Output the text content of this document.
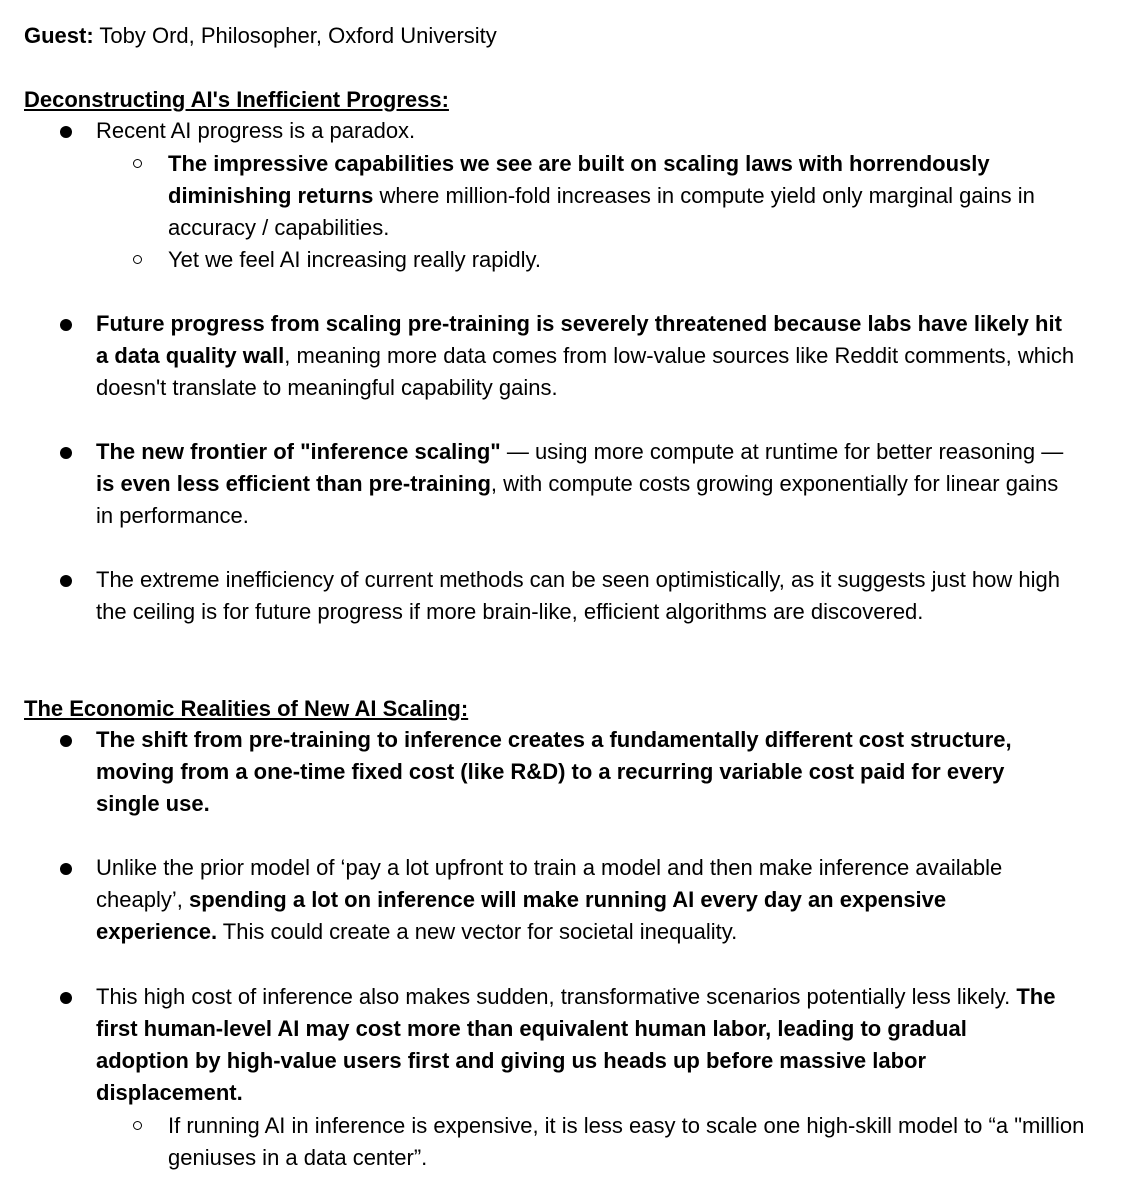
Guest: Toby Ord, Philosopher, Oxford University
Deconstructing AI's Inefficient Progress:
Recent AI progress is a paradox.
The impressive capabilities we see are built on scaling laws with horrendously
diminishing returns where million-fold increases in compute yield only marginal gains in
accuracy / capabilities.
Yet we feel AI increasing really rapidly.
Future progress from scaling pre-training is severely threatened because labs have likely hit
a data quality wall, meaning more data comes from low-value sources like Reddit comments, which
doesn't translate to meaningful capability gains.
The new frontier of "inference scaling" — using more compute at runtime for better reasoning —
is even less efficient than pre-training, with compute costs growing exponentially for linear gains
in performance.
The extreme inefficiency of current methods can be seen optimistically, as it suggests just how high
the ceiling is for future progress if more brain-like, efficient algorithms are discovered.
The Economic Realities of New AI Scaling:
The shift from pre-training to inference creates a fundamentally different cost structure,
moving from a one-time fixed cost (like R&D) to a recurring variable cost paid for every
single use.
Unlike the prior model of ‘pay a lot upfront to train a model and then make inference available
cheaply’, spending a lot on inference will make running AI every day an expensive
experience. This could create a new vector for societal inequality.
This high cost of inference also makes sudden, transformative scenarios potentially less likely. The
first human-level AI may cost more than equivalent human labor, leading to gradual
adoption by high-value users first and giving us heads up before massive labor
displacement.
If running AI in inference is expensive, it is less easy to scale one high-skill model to “a "million
geniuses in a data center”.
